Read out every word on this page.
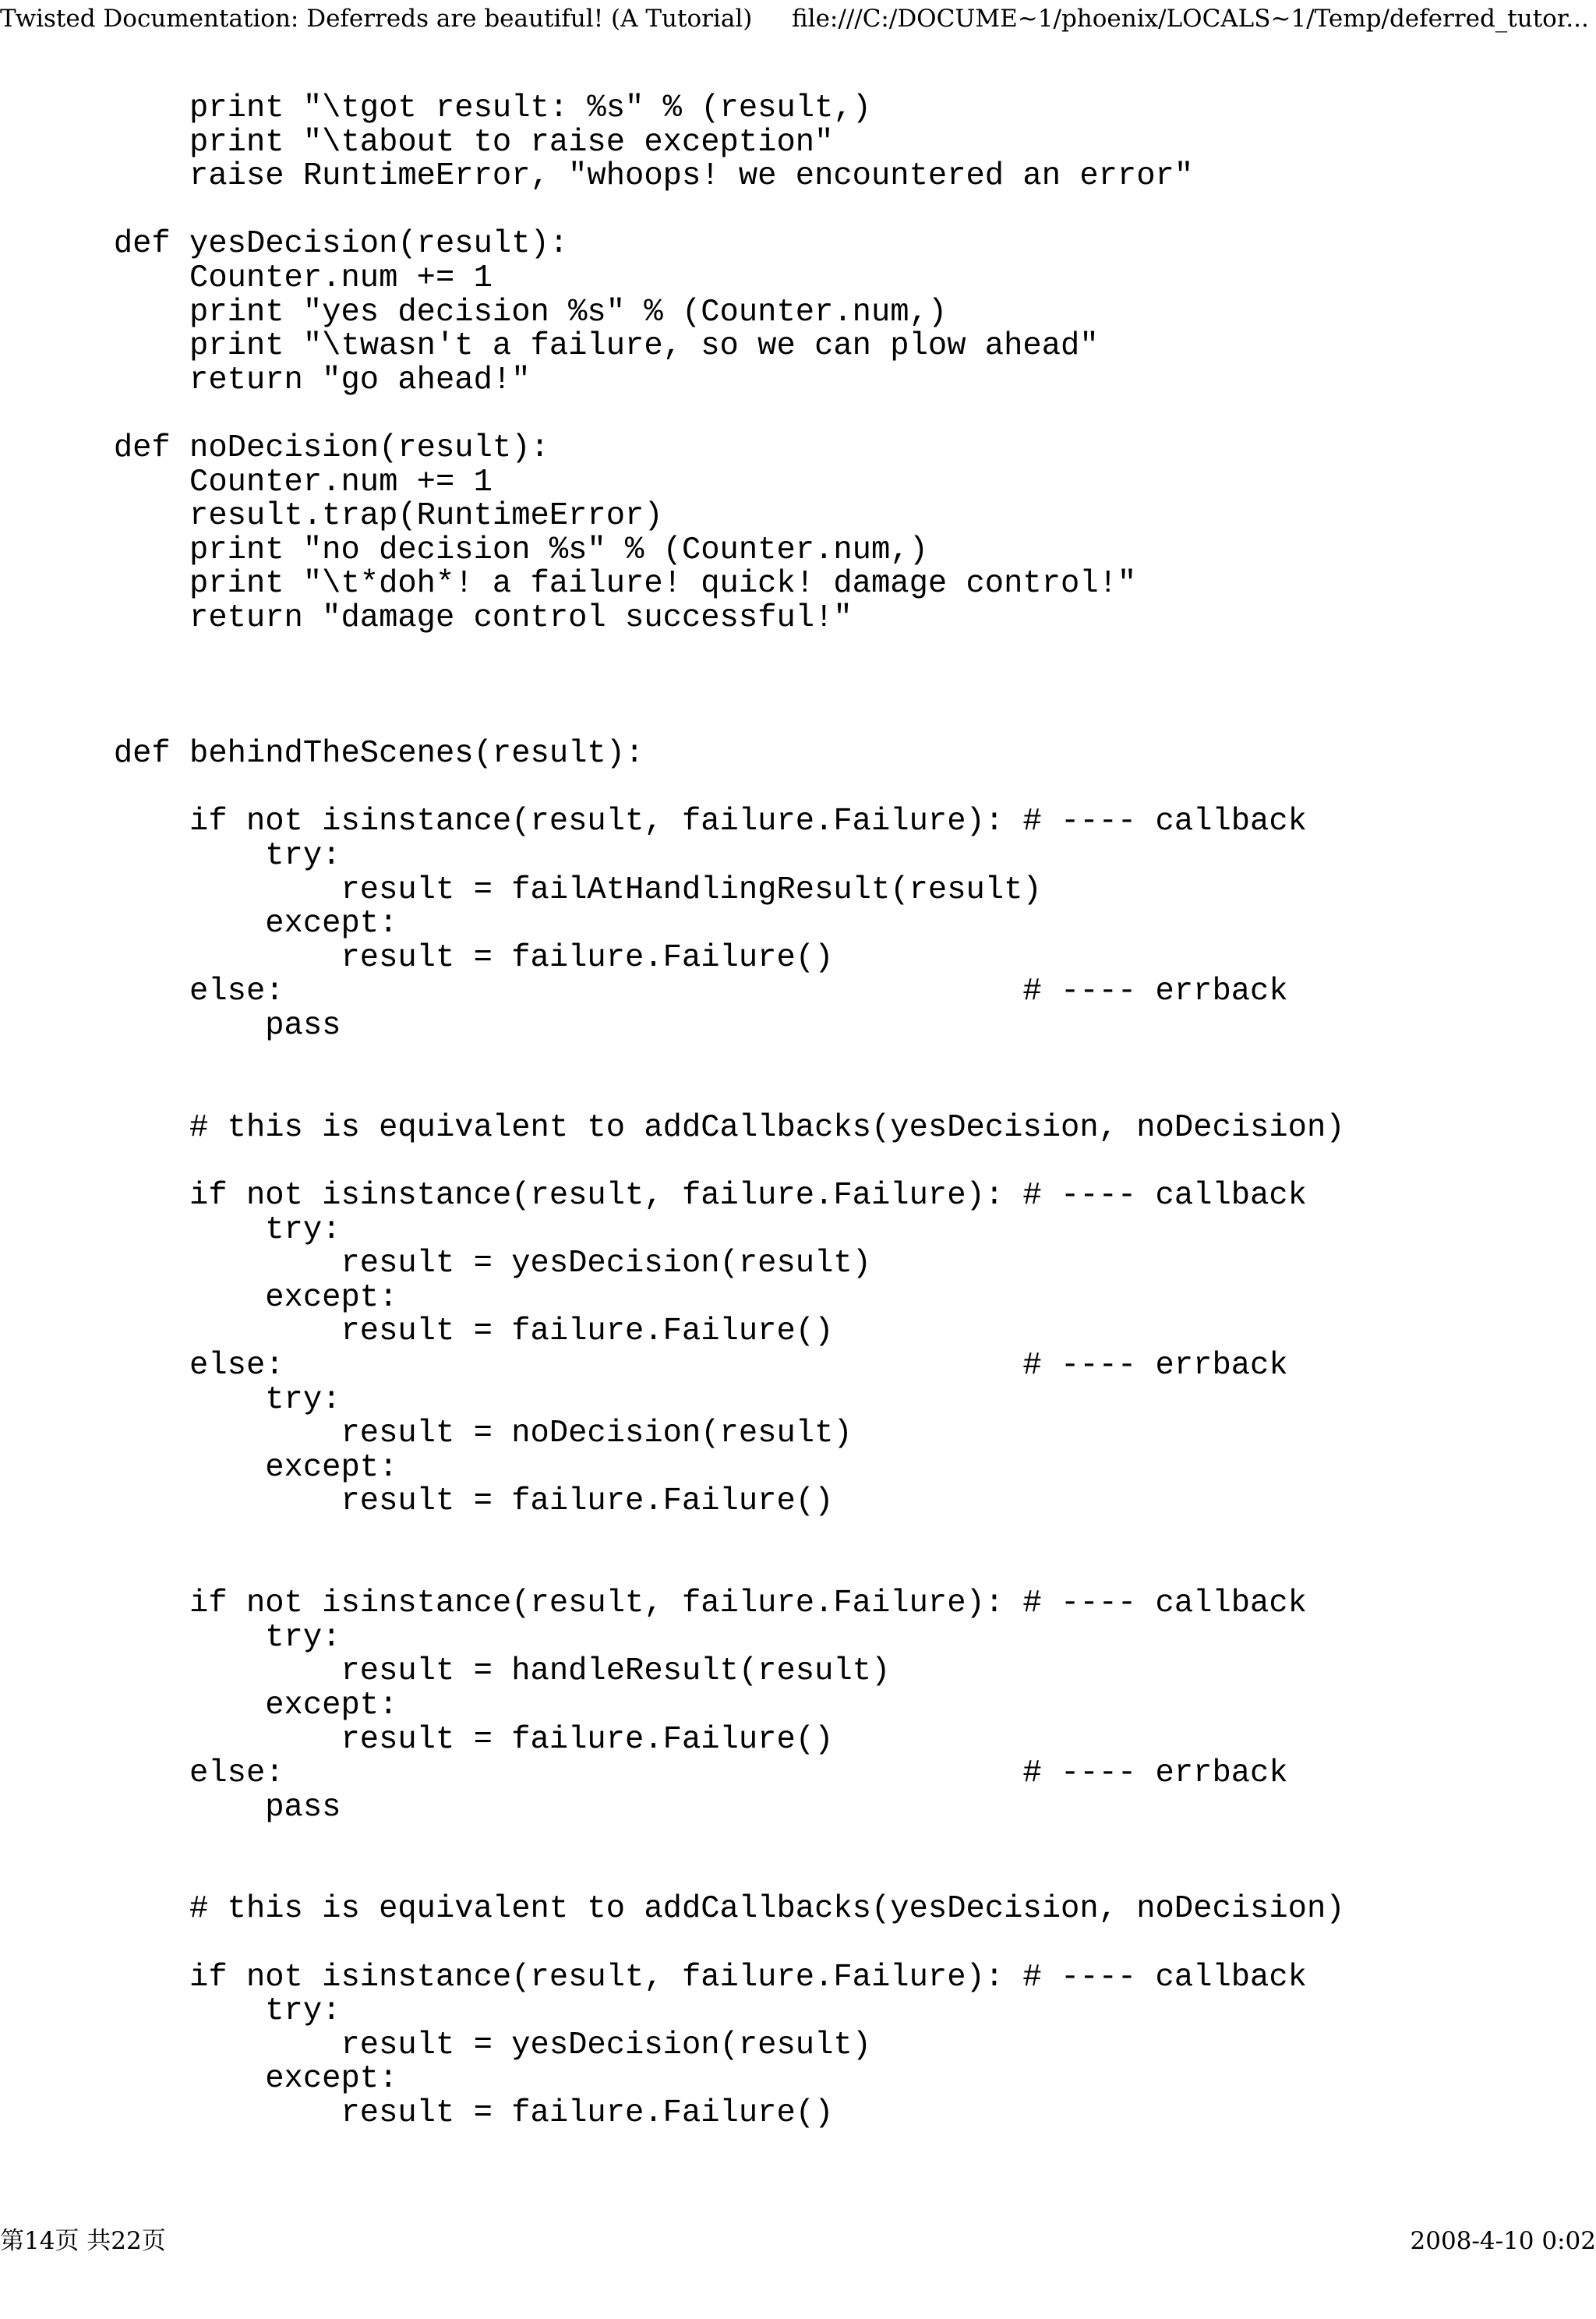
Twisted Documentation: Deferreds are beautiful! (A Tutorial)

file:///C:/DOCUME~1/phoenix/LOCALS~1/Temp/deferred_tutor...

print "\tgot result: %s" % (result,)
print "\tabout to raise exception"
raise RuntimeError, "whoops! we encountered an error"
def yesDecision(result):
Counter.num += 1
print "yes decision %s" % (Counter.num,)
print "\twasn't a failure, so we can plow ahead"
return "go ahead!"
def noDecision(result):
Counter.num += 1
result.trap(RuntimeError)
print "no decision %s" % (Counter.num,)
print "\t*doh*! a failure! quick! damage control!"
return "damage control successful!"
def behindTheScenes(result):
if not isinstance(result, failure.Failure): # ---- callback
try:
result = failAtHandlingResult(result)
except:
result = failure.Failure()
else:                                       # ---- errback
pass
# this is equivalent to addCallbacks(yesDecision, noDecision)
if not isinstance(result, failure.Failure): # ---- callback
try:
result = yesDecision(result)
except:
result = failure.Failure()
else:                                       # ---- errback
try:
result = noDecision(result)
except:
result = failure.Failure()
if not isinstance(result, failure.Failure): # ---- callback
try:
result = handleResult(result)
except:
result = failure.Failure()
else:                                       # ---- errback
pass
# this is equivalent to addCallbacks(yesDecision, noDecision)
if not isinstance(result, failure.Failure): # ---- callback
try:
result = yesDecision(result)
except:
result = failure.Failure()

第14页 共22页

	2008-4-10 0:02
